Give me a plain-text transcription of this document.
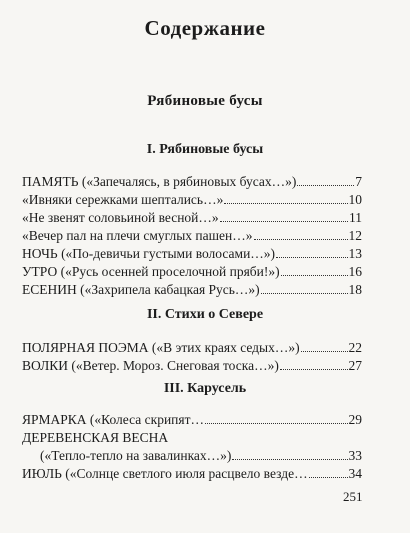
Содержание
Рябиновые бусы
I. Рябиновые бусы
ПАМЯТЬ («Запечалясь, в рябиновых бусах…»)	7
«Ивняки сережками шептались…»	10
«Не звенят соловьиной весной…»	11
«Вечер пал на плечи смуглых пашен…»	12
НОЧЬ («По-девичьи густыми волосами…»)	13
УТРО («Русь осенней проселочной пряби!»)	16
ЕСЕНИН («Захрипела кабацкая Русь…»)	18
II. Стихи о Севере
ПОЛЯРНАЯ ПОЭМА («В этих краях седых…»)	22
ВОЛКИ («Ветер. Мороз. Снеговая тоска…»)	27
III. Карусель
ЯРМАРКА («Колеса скрипят…	29
ДЕРЕВЕНСКАЯ ВЕСНА
(«Тепло-тепло на завалинках…»)	33
ИЮЛЬ («Солнце светлого июля расцвело везде…	34
251
